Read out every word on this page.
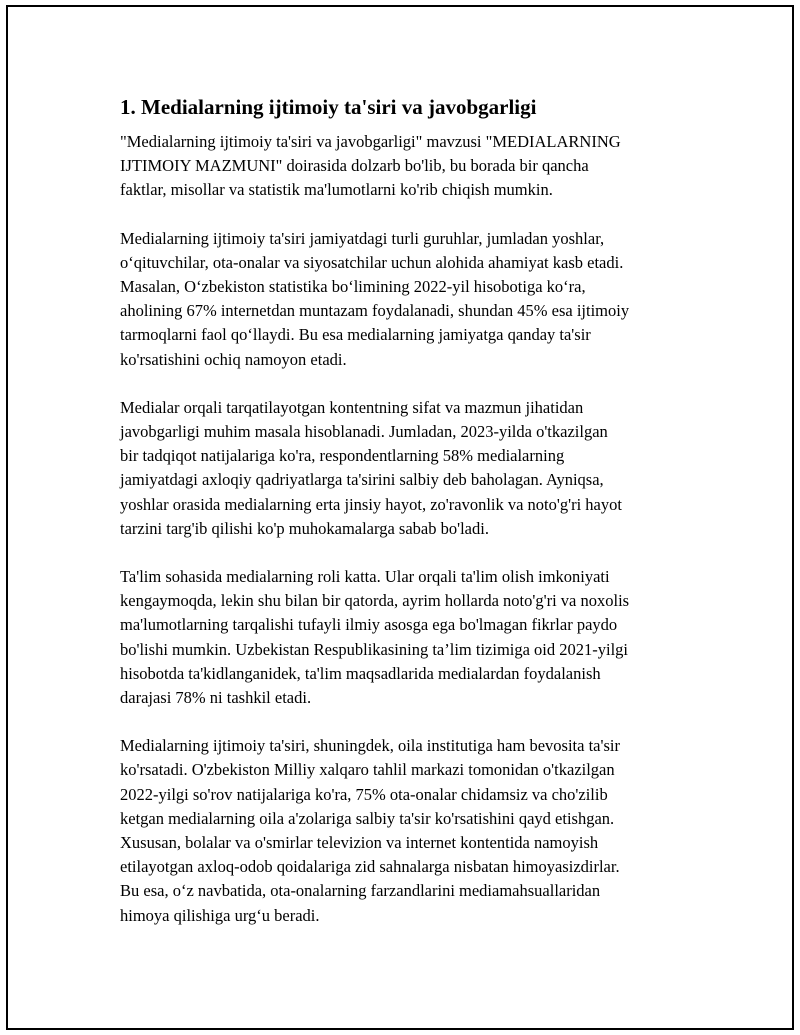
1. Medialarning ijtimoiy ta'siri va javobgarligi
"Medialarning ijtimoiy ta'siri va javobgarligi" mavzusi "MEDIALARNING
IJTIMOIY MAZMUNI" doirasida dolzarb bo'lib, bu borada bir qancha
faktlar, misollar va statistik ma'lumotlarni ko'rib chiqish mumkin.
Medialarning ijtimoiy ta'siri jamiyatdagi turli guruhlar, jumladan yoshlar,
o‘qituvchilar, ota-onalar va siyosatchilar uchun alohida ahamiyat kasb etadi.
Masalan, O‘zbekiston statistika bo‘limining 2022-yil hisobotiga ko‘ra,
aholining 67% internetdan muntazam foydalanadi, shundan 45% esa ijtimoiy
tarmoqlarni faol qo‘llaydi. Bu esa medialarning jamiyatga qanday ta'sir
ko'rsatishini ochiq namoyon etadi.
Medialar orqali tarqatilayotgan kontentning sifat va mazmun jihatidan
javobgarligi muhim masala hisoblanadi. Jumladan, 2023-yilda o'tkazilgan
bir tadqiqot natijalariga ko'ra, respondentlarning 58% medialarning
jamiyatdagi axloqiy qadriyatlarga ta'sirini salbiy deb baholagan. Ayniqsa,
yoshlar orasida medialarning erta jinsiy hayot, zo'ravonlik va noto'g'ri hayot
tarzini targ'ib qilishi ko'p muhokamalarga sabab bo'ladi.
Ta'lim sohasida medialarning roli katta. Ular orqali ta'lim olish imkoniyati
kengaymoqda, lekin shu bilan bir qatorda, ayrim hollarda noto'g'ri va noxolis
ma'lumotlarning tarqalishi tufayli ilmiy asosga ega bo'lmagan fikrlar paydo
bo'lishi mumkin. Uzbekistan Respublikasining ta’lim tizimiga oid 2021-yilgi
hisobotda ta'kidlanganidek, ta'lim maqsadlarida medialardan foydalanish
darajasi 78% ni tashkil etadi.
Medialarning ijtimoiy ta'siri, shuningdek, oila institutiga ham bevosita ta'sir
ko'rsatadi. O'zbekiston Milliy xalqaro tahlil markazi tomonidan o'tkazilgan
2022-yilgi so'rov natijalariga ko'ra, 75% ota-onalar chidamsiz va cho'zilib
ketgan medialarning oila a'zolariga salbiy ta'sir ko'rsatishini qayd etishgan.
Xususan, bolalar va o'smirlar televizion va internet kontentida namoyish
etilayotgan axloq-odob qoidalariga zid sahnalarga nisbatan himoyasizdirlar.
Bu esa, o‘z navbatida, ota-onalarning farzandlarini mediamahsuallaridan
himoya qilishiga urg‘u beradi.
